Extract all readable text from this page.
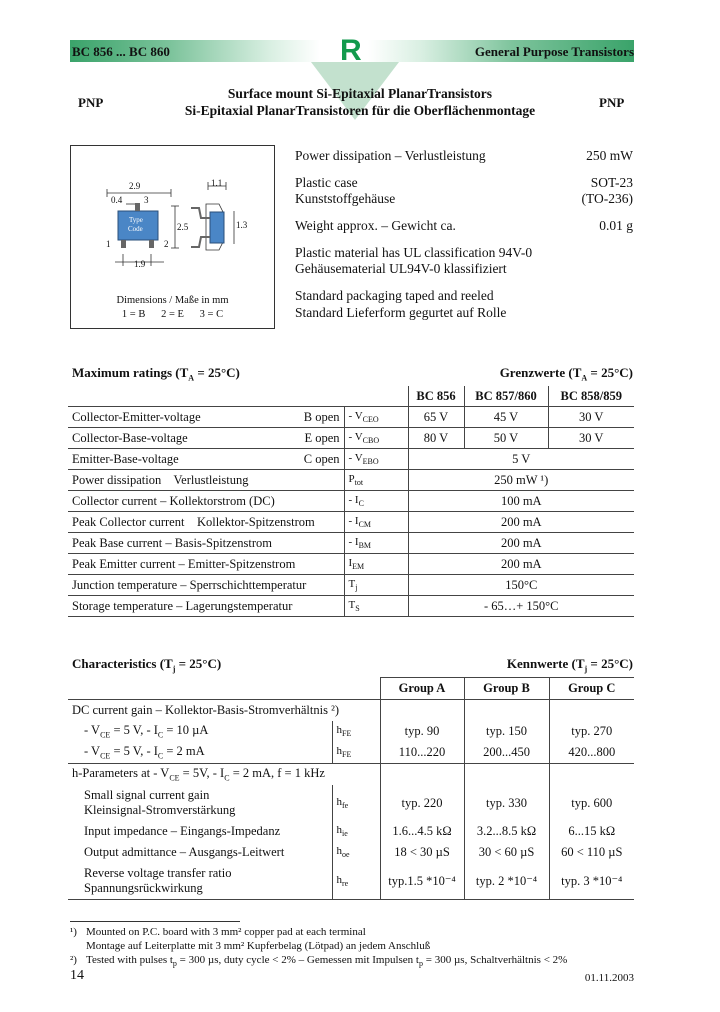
R
BC 856 ... BC 860	General Purpose Transistors
PNP	PNP
Surface mount Si-Epitaxial PlanarTransistors
Si-Epitaxial PlanarTransistoren für die Oberflächenmontage
2.9
0.4 3
1	2
Type
Code
1.9
2.5
1.1
1.3
Dimensions / Maße in mm
1 = B      2 = E      3 = C
Power dissipation – Verlustleistung	250 mW
Plastic case	SOT-23
Kunststoffgehäuse	(TO-236)
Weight approx. – Gewicht ca.	0.01 g
Plastic material has UL classification 94V-0
Gehäusematerial UL94V-0 klassifiziert
Standard packaging taped and reeled
Standard Lieferform gegurtet auf Rolle
Maximum ratings $(T_A = 25^\circ C)$	Grenzwerte $(T_A = 25^\circ C)$
			BC 856	BC 857/860	BC 858/859
Collector-Emitter-voltage	B open	- $V_{CEO}$	65 V	45 V	30 V
Collector-Base-voltage	E open	- $V_{CBO}$	80 V	50 V	30 V
Emitter-Base-voltage	C open	- $V_{EBO}$	5 V		
Power dissipation    Verlustleistung		$P_{tot}$	250 mW ¹)		
Collector current – Kollektorstrom (DC)		- $I_C$	100 mA		
Peak Collector current    Kollektor-Spitzenstrom		- $I_{CM}$	200 mA		
Peak Base current – Basis-Spitzenstrom		- $I_{BM}$	200 mA		
Peak Emitter current – Emitter-Spitzenstrom		$I_{EM}$	200 mA		
Junction temperature – Sperrschichttemperatur		$T_j$	150°C		
Storage temperature – Lagerungstemperatur		$T_S$	- 65…+ 150°C		
Characteristics $(T_j = 25^\circ C)$	Kennwerte $(T_j = 25^\circ C)$
		Group A	Group B	Group C
DC current gain – Kollektor-Basis-Stromverhältnis ²)				
- $V_{CE} = 5$ V, - $I_C = 10$ µA	$h_{FE}$	typ. 90	typ. 150	typ. 270
- $V_{CE} = 5$ V, - $I_C = 2$ mA	$h_{FE}$	110...220	200...450	420...800
h-Parameters at - $V_{CE} = 5V$, - $I_C = 2$ mA, f = 1 kHz				

Small signal current gain
Kleinsignal-Stromverstärkung	$h_{fe}$	typ. 220	typ. 330	typ. 600
Input impedance – Eingangs-Impedanz	$h_{ie}$	1.6...4.5 kΩ	3.2...8.5 kΩ	6...15 kΩ
Output admittance – Ausgangs-Leitwert	$h_{oe}$	18 < 30 µS	30 < 60 µS	60 < 110 µS

Reverse voltage transfer ratio
Spannungsrückwirkung	$h_{re}$	typ.1.5 *10⁻⁴	typ. 2 *10⁻⁴	typ. 3 *10⁻⁴
¹) Mounted on P.C. board with 3 mm² copper pad at each terminal
Montage auf Leiterplatte mit 3 mm² Kupferbelag (Lötpad) an jedem Anschluß
²) Tested with pulses $t_p = 300$ µs, duty cycle < 2% – Gemessen mit Impulsen $t_p = 300$ µs, Schaltverhältnis < 2%
14	01.11.2003
